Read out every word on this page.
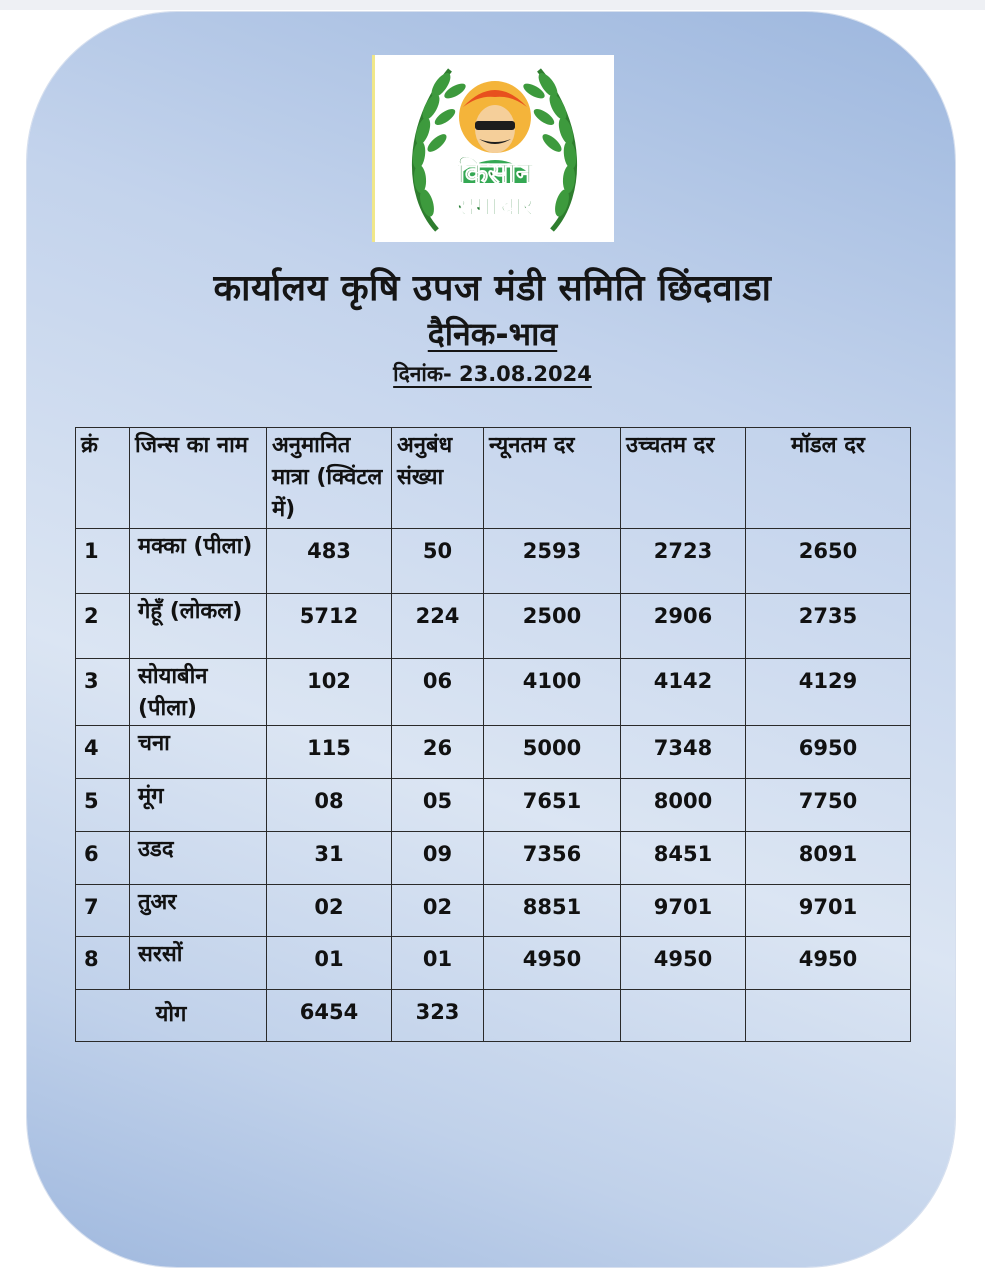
किसान
समाचार
कार्यालय कृषि उपज मंडी समिति छिंदवाडा
दैनिक-भाव
दिनांक- 23.08.2024
क्रं	जिन्स का नाम	अनुमानित मात्रा (क्विंटल में)	अनुबंध संख्या	न्यूनतम दर	उच्चतम दर	मॉडल दर
1	मक्का (पीला)	483	50	2593	2723	2650
2	गेहूँ (लोकल)	5712	224	2500	2906	2735
3	सोयाबीन (पीला)	102	06	4100	4142	4129
4	चना	115	26	5000	7348	6950
5	मूंग	08	05	7651	8000	7750
6	उडद	31	09	7356	8451	8091
7	तुअर	02	02	8851	9701	9701
8	सरसों	01	01	4950	4950	4950
योग		6454	323			
